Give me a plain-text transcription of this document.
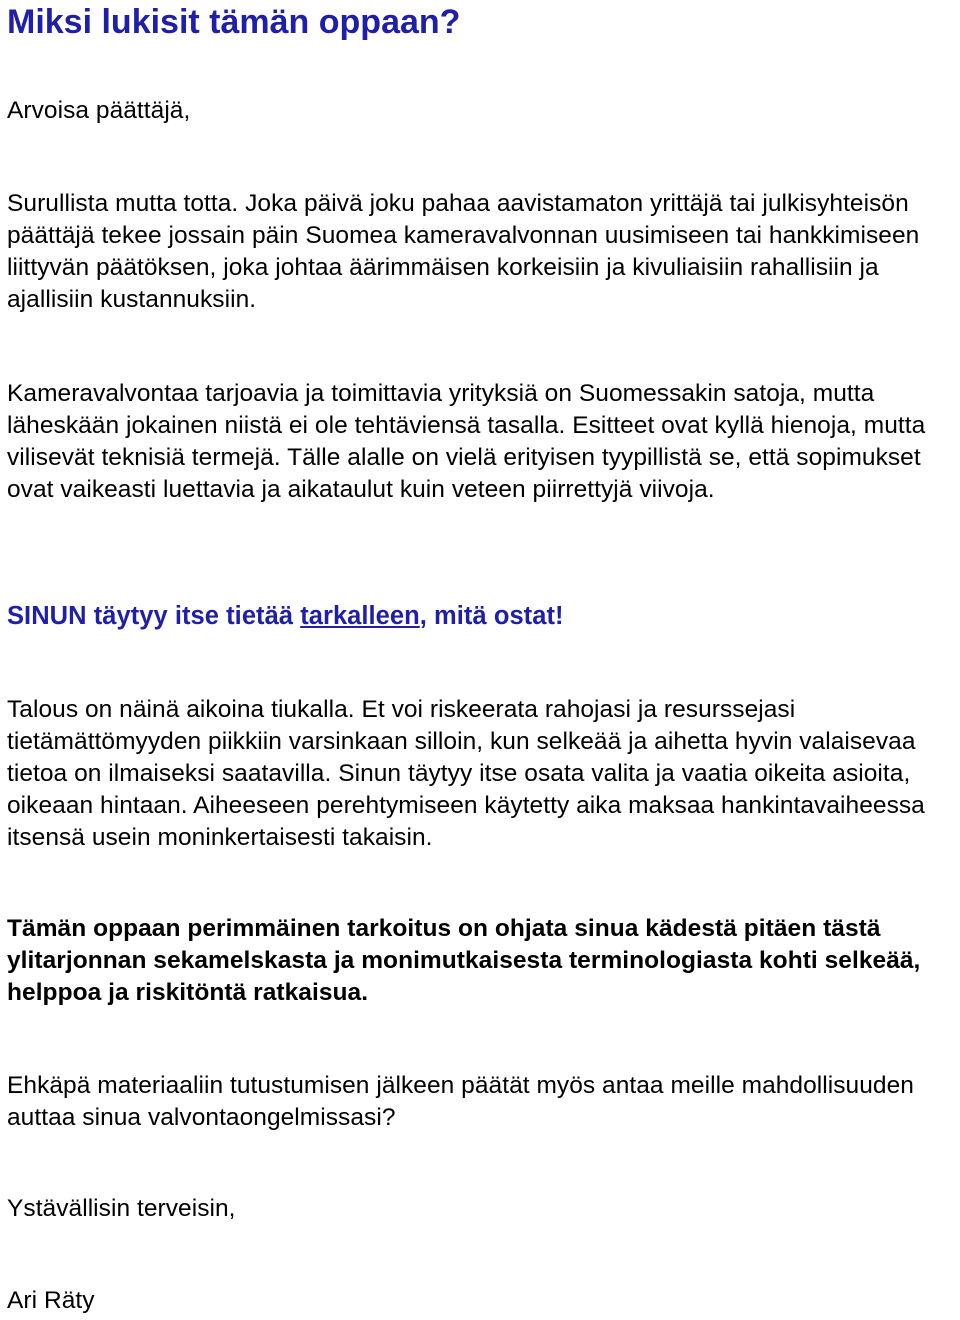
Miksi lukisit tämän oppaan?

Arvoisa päättäjä,

Surullista mutta totta. Joka päivä joku pahaa aavistamaton yrittäjä tai julkisyhteisön päättäjä tekee jossain päin Suomea kameravalvonnan uusimiseen tai hankkimiseen liittyvän päätöksen, joka johtaa äärimmäisen korkeisiin ja kivuliaisiin rahallisiin ja ajallisiin kustannuksiin.

Kameravalvontaa tarjoavia ja toimittavia yrityksiä on Suomessakin satoja, mutta läheskään jokainen niistä ei ole tehtäviensä tasalla. Esitteet ovat kyllä hienoja, mutta vilisevät teknisiä termejä. Tälle alalle on vielä erityisen tyypillistä se, että sopimukset ovat vaikeasti luettavia ja aikataulut kuin veteen piirrettyjä viivoja.

SINUN täytyy itse tietää tarkalleen, mitä ostat!

Talous on näinä aikoina tiukalla. Et voi riskeerata rahojasi ja resurssejasi tietämättömyyden piikkiin varsinkaan silloin, kun selkeää ja aihetta hyvin valaisevaa tietoa on ilmaiseksi saatavilla. Sinun täytyy itse osata valita ja vaatia oikeita asioita, oikeaan hintaan. Aiheeseen perehtymiseen käytetty aika maksaa hankintavaiheessa itsensä usein moninkertaisesti takaisin.

Tämän oppaan perimmäinen tarkoitus on ohjata sinua kädestä pitäen tästä ylitarjonnan sekamelskasta ja monimutkaisesta terminologiasta kohti selkeää, helppoa ja riskitöntä ratkaisua.

Ehkäpä materiaaliin tutustumisen jälkeen päätät myös antaa meille mahdollisuuden auttaa sinua valvontaongelmissasi?

Ystävällisin terveisin,

Ari Räty
